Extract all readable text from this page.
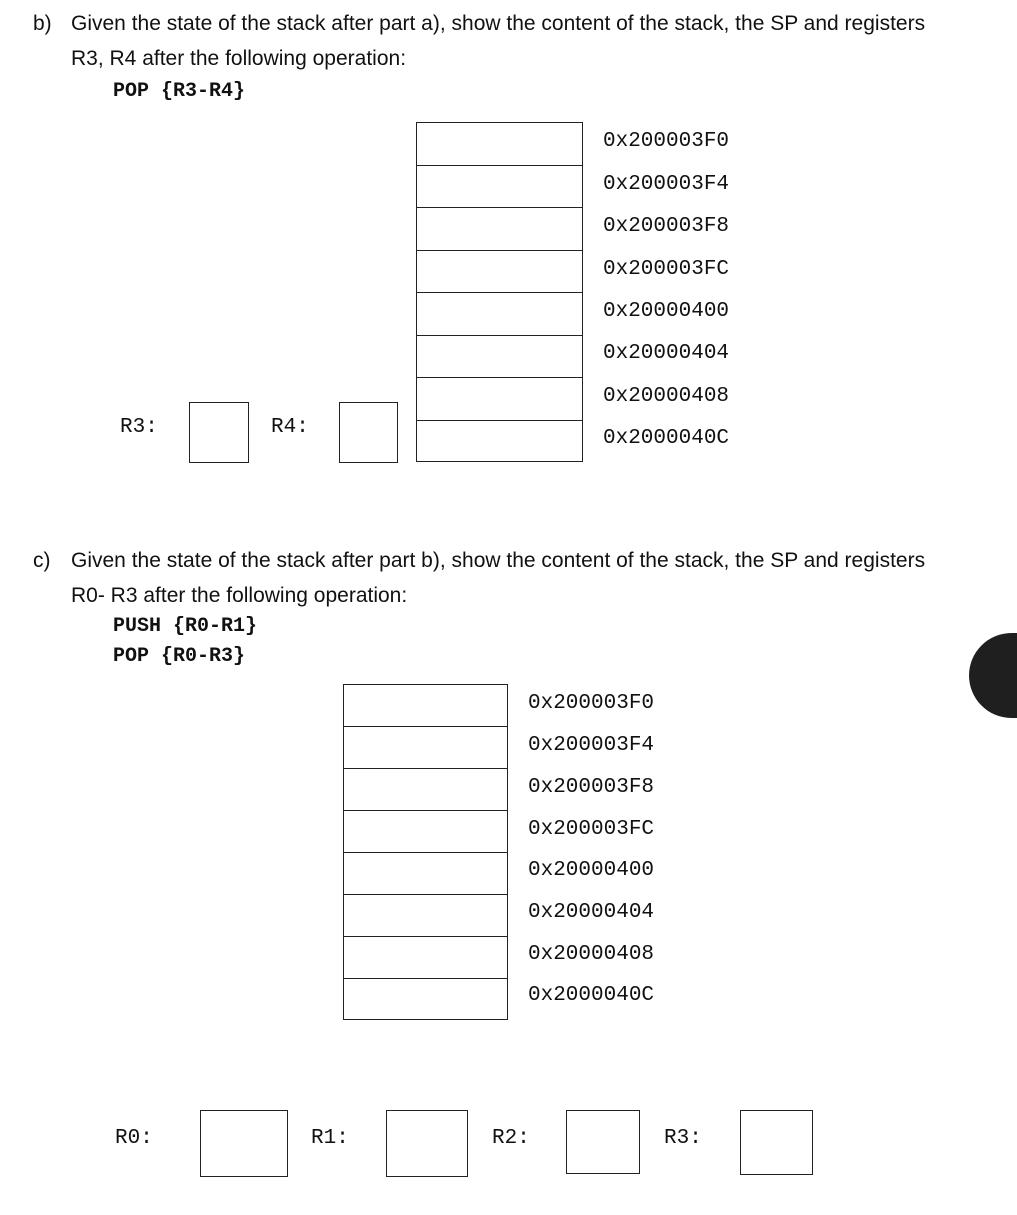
b) Given the state of the stack after part a), show the content of the stack, the SP and registers
R3, R4 after the following operation:
POP {R3-R4}
0x200003F0
0x200003F4
0x200003F8
0x200003FC
0x20000400
0x20000404
0x20000408
0x2000040C
R3:	R4:
c) Given the state of the stack after part b), show the content of the stack, the SP and registers
R0- R3 after the following operation:
PUSH {R0-R1}
POP {R0-R3}
0x200003F0
0x200003F4
0x200003F8
0x200003FC
0x20000400
0x20000404
0x20000408
0x2000040C
R0:	R1:	R2:	R3:
